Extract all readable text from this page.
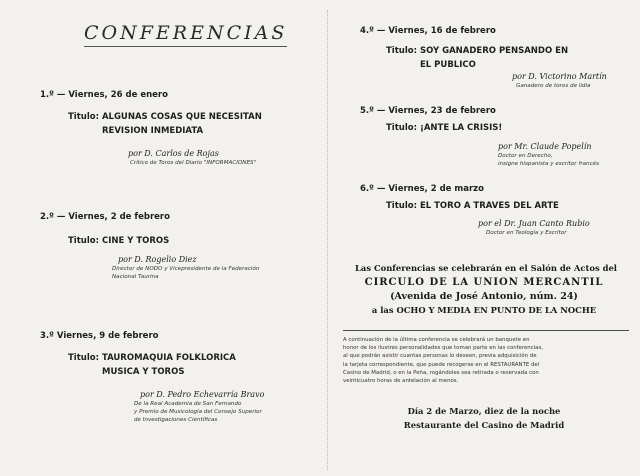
CONFERENCIAS
1.º — Viernes, 26 de enero
Titulo: ALGUNAS COSAS QUE NECESITAN
REVISION INMEDIATA
por D. Carlos de Rojas
Crítico de Toros del Diario "INFORMACIONES"
2.º — Viernes, 2 de febrero
Titulo: CINE Y TOROS
por D. Rogelio Diez
Director de NODO y Vicepresidente de la Federación
Nacional Taurina
3.º Viernes, 9 de febrero
Titulo: TAUROMAQUIA FOLKLORICA
MUSICA Y TOROS
por D. Pedro Echevarría Bravo
De la Real Academia de San Fernando
y Premio de Musicología del Consejo Superior
de Investigaciones Científicas
4.º — Viernes, 16 de febrero
Titulo: SOY GANADERO PENSANDO EN
EL PUBLICO
por D. Victorino Martín
Ganadero de toros de lidia
5.º — Viernes, 23 de febrero
Titulo: ¡ANTE LA CRISIS!
por Mr. Claude Popelín
Doctor en Derecho,
insigne hispanista y escritor francés
6.º — Viernes, 2 de marzo
Titulo: EL TORO A TRAVES DEL ARTE
por el Dr. Juan Canto Rubio
Doctor en Teología y Escritor
Las Conferencias se celebrarán en el Salón de Actos del
CIRCULO DE LA UNION MERCANTIL
(Avenida de José Antonio, núm. 24)
a las OCHO Y MEDIA EN PUNTO DE LA NOCHE
A continuación de la última conferencia se celebrará un banquete en
honor de los ilustres personalidades que toman parte en las conferencias,
al que podrán asistir cuantas personas lo deseen, previa adquisición de
la tarjeta correspondiente, que puede recogerse en el RESTAURANTE del
Casino de Madrid, o en la Peña, rogándoles sea retirada o reservada con
veinticuatro horas de antelación al menos.
Día 2 de Marzo, diez de la noche
Restaurante del Casino de Madrid
